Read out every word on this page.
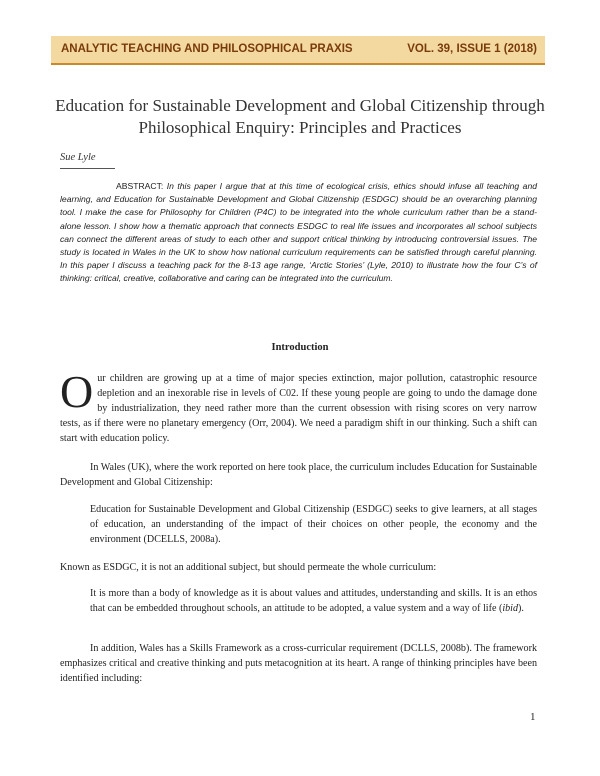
ANALYTIC TEACHING AND PHILOSOPHICAL PRAXIS	VOL. 39, ISSUE 1 (2018)
Education for Sustainable Development and Global Citizenship through Philosophical Enquiry: Principles and Practices
Sue Lyle
ABSTRACT: In this paper I argue that at this time of ecological crisis, ethics should infuse all teaching and learning, and Education for Sustainable Development and Global Citizenship (ESDGC) should be an overarching planning tool. I make the case for Philosophy for Children (P4C) to be integrated into the whole curriculum rather than be a stand-alone lesson. I show how a thematic approach that connects ESDGC to real life issues and incorporates all school subjects can connect the different areas of study to each other and support critical thinking by introducing controversial issues. The study is located in Wales in the UK to show how national curriculum requirements can be satisfied through careful planning. In this paper I discuss a teaching pack for the 8-13 age range, ‘Arctic Stories’ (Lyle, 2010) to illustrate how the four C’s of thinking: critical, creative, collaborative and caring can be integrated into the curriculum.
Introduction
Our children are growing up at a time of major species extinction, major pollution, catastrophic resource depletion and an inexorable rise in levels of C02. If these young people are going to undo the damage done by industrialization, they need rather more than the current obsession with rising scores on very narrow tests, as if there were no planetary emergency (Orr, 2004). We need a paradigm shift in our thinking. Such a shift can start with education policy.
In Wales (UK), where the work reported on here took place, the curriculum includes Education for Sustainable Development and Global Citizenship:
Education for Sustainable Development and Global Citizenship (ESDGC) seeks to give learners, at all stages of education, an understanding of the impact of their choices on other people, the economy and the environment (DCELLS, 2008a).
Known as ESDGC, it is not an additional subject, but should permeate the whole curriculum:
It is more than a body of knowledge as it is about values and attitudes, understanding and skills. It is an ethos that can be embedded throughout schools, an attitude to be adopted, a value system and a way of life (ibid).
In addition, Wales has a Skills Framework as a cross-curricular requirement (DCLLS, 2008b). The framework emphasizes critical and creative thinking and puts metacognition at its heart. A range of thinking principles have been identified including:
1
